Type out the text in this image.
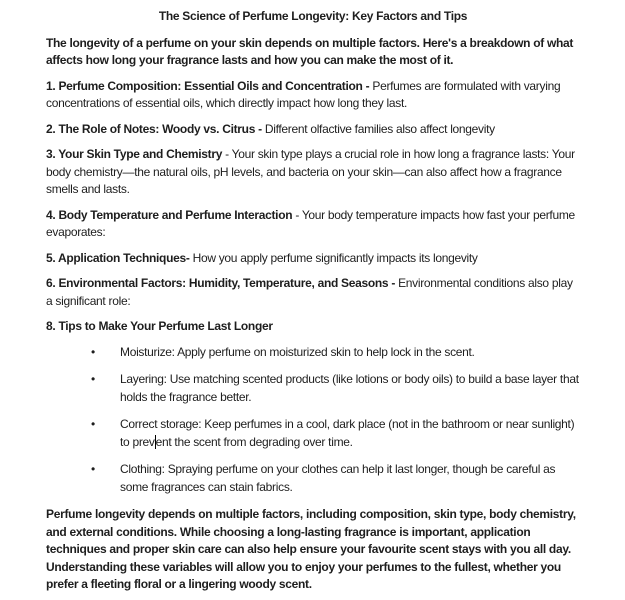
The Science of Perfume Longevity: Key Factors and Tips

The longevity of a perfume on your skin depends on multiple factors. Here's a breakdown of what affects how long your fragrance lasts and how you can make the most of it.

1. Perfume Composition: Essential Oils and Concentration - Perfumes are formulated with varying concentrations of essential oils, which directly impact how long they last.

2. The Role of Notes: Woody vs. Citrus - Different olfactive families also affect longevity

3. Your Skin Type and Chemistry - Your skin type plays a crucial role in how long a fragrance lasts: Your body chemistry—the natural oils, pH levels, and bacteria on your skin—can also affect how a fragrance smells and lasts.

4. Body Temperature and Perfume Interaction - Your body temperature impacts how fast your perfume evaporates:

5. Application Techniques- How you apply perfume significantly impacts its longevity

6. Environmental Factors: Humidity, Temperature, and Seasons - Environmental conditions also play a significant role:

8. Tips to Make Your Perfume Last Longer

• Moisturize: Apply perfume on moisturized skin to help lock in the scent.
• Layering: Use matching scented products (like lotions or body oils) to build a base layer that holds the fragrance better.
• Correct storage: Keep perfumes in a cool, dark place (not in the bathroom or near sunlight) to prevent the scent from degrading over time.
• Clothing: Spraying perfume on your clothes can help it last longer, though be careful as some fragrances can stain fabrics.

Perfume longevity depends on multiple factors, including composition, skin type, body chemistry, and external conditions. While choosing a long-lasting fragrance is important, application techniques and proper skin care can also help ensure your favourite scent stays with you all day. Understanding these variables will allow you to enjoy your perfumes to the fullest, whether you prefer a fleeting floral or a lingering woody scent.
